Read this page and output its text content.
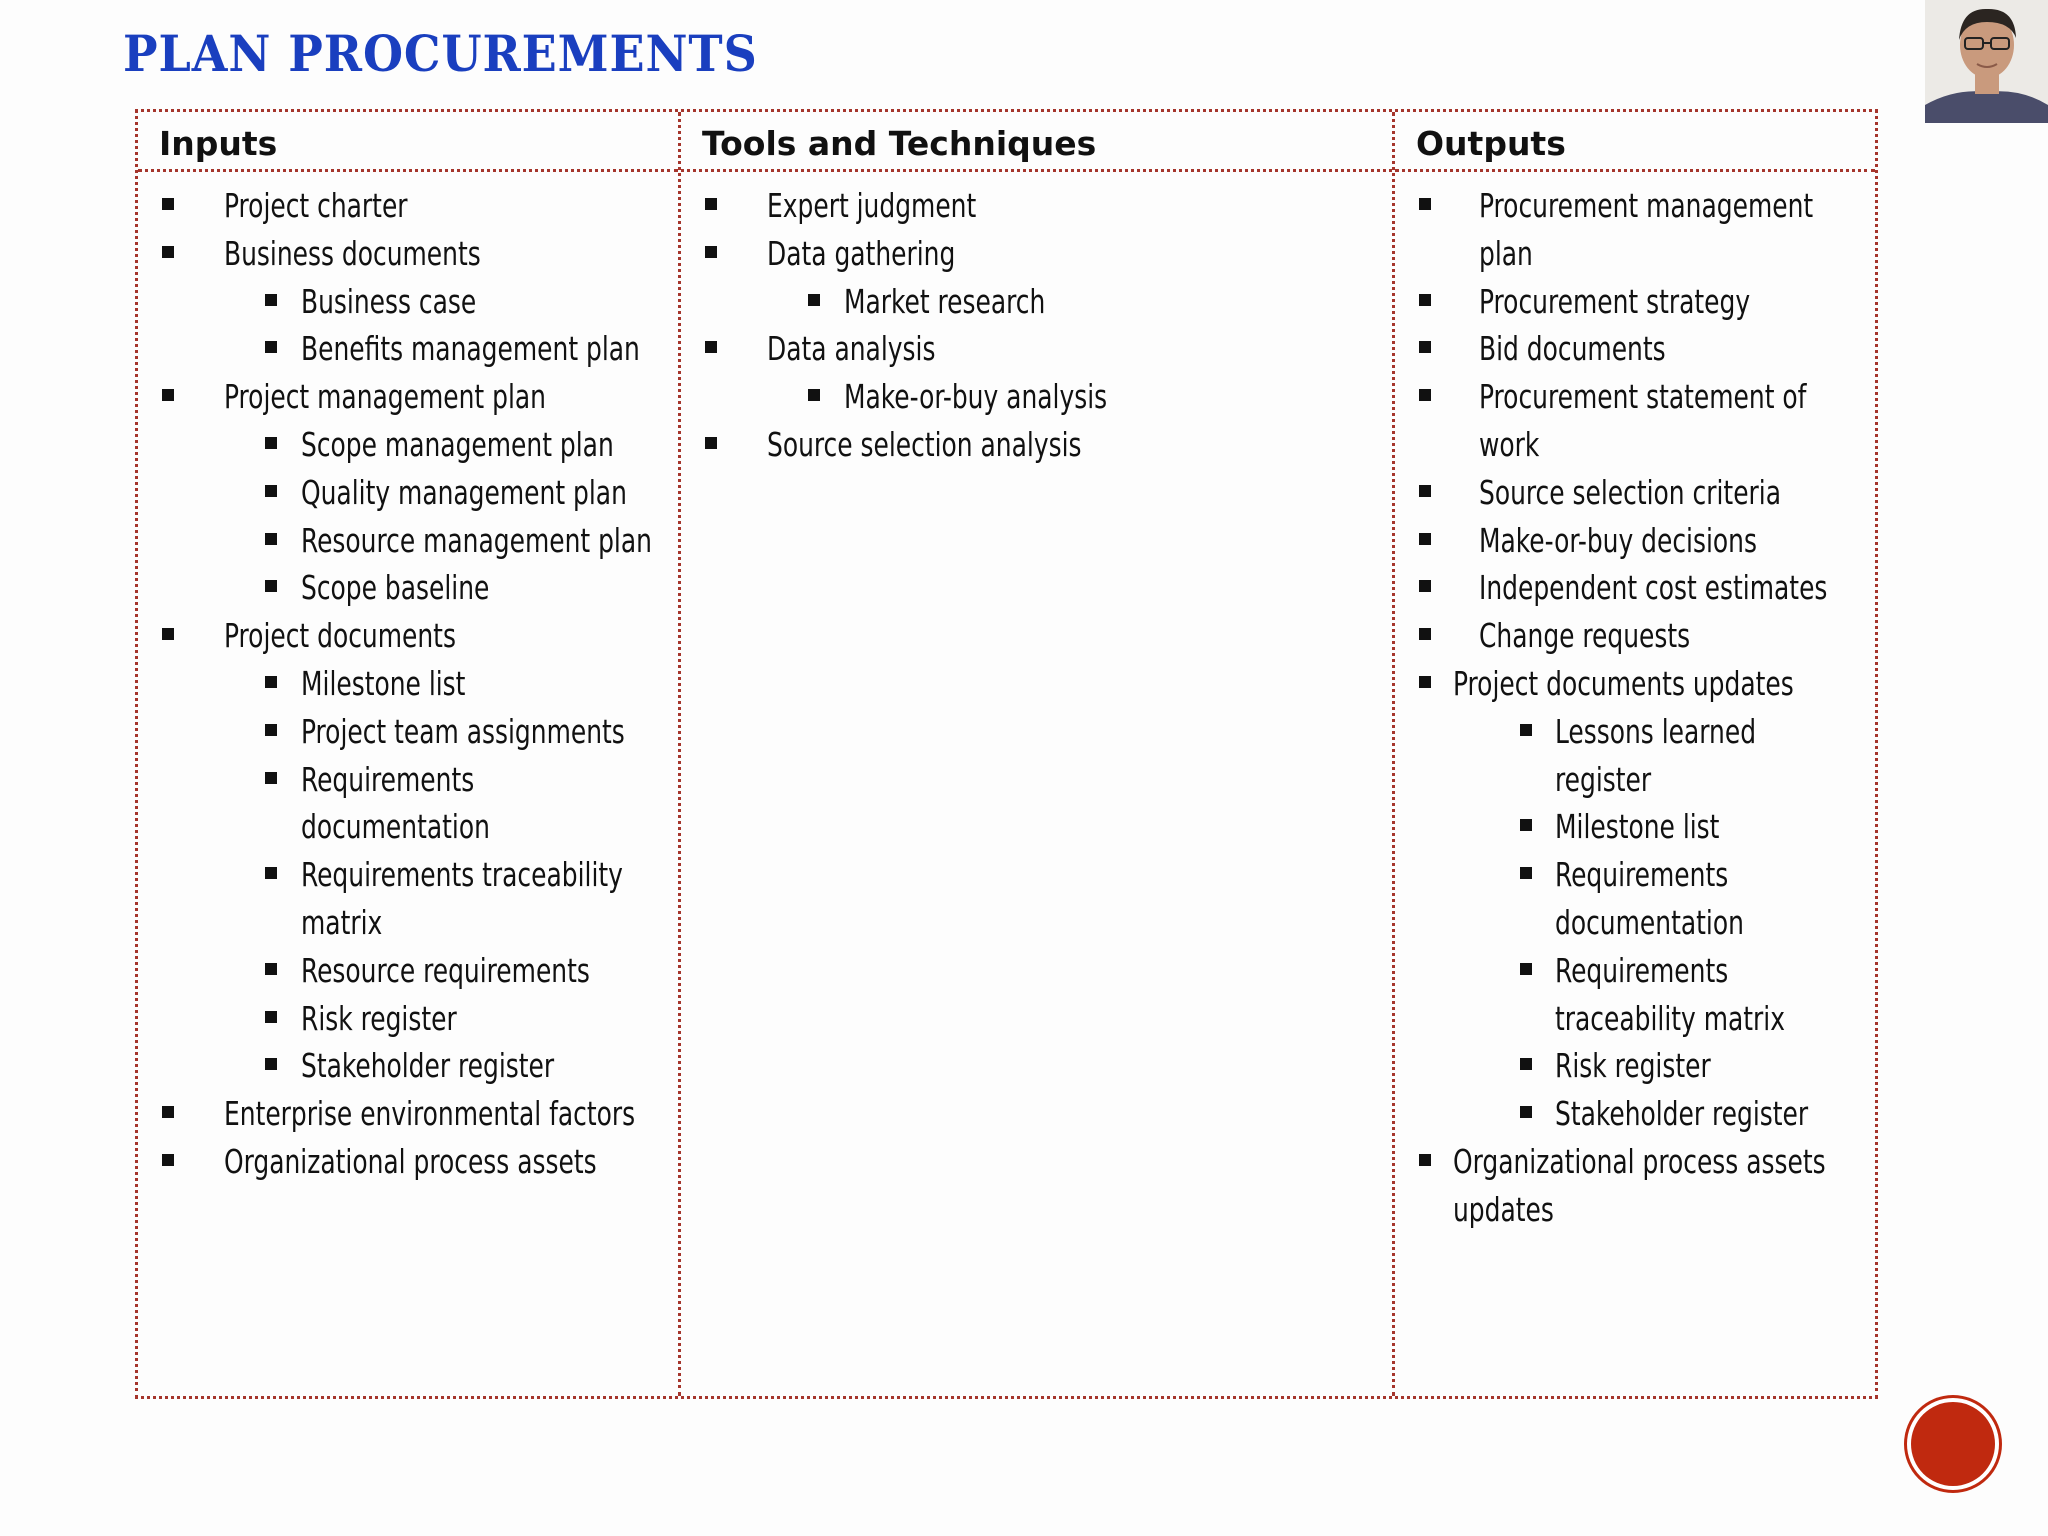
PLAN PROCUREMENTS
Inputs
Project charter
Business documents
Business case
Benefits management plan
Project management plan
Scope management plan
Quality management plan
Resource management plan
Scope baseline
Project documents
Milestone list
Project team assignments
Requirements
documentation
Requirements traceability
matrix
Resource requirements
Risk register
Stakeholder register
Enterprise environmental factors
Organizational process assets
Tools and Techniques
Expert judgment
Data gathering
Market research
Data analysis
Make-or-buy analysis
Source selection analysis
Outputs
Procurement management
plan
Procurement strategy
Bid documents
Procurement statement of
work
Source selection criteria
Make-or-buy decisions
Independent cost estimates
Change requests
Project documents updates
Lessons learned
register
Milestone list
Requirements
documentation
Requirements
traceability matrix
Risk register
Stakeholder register
Organizational process assets
updates
